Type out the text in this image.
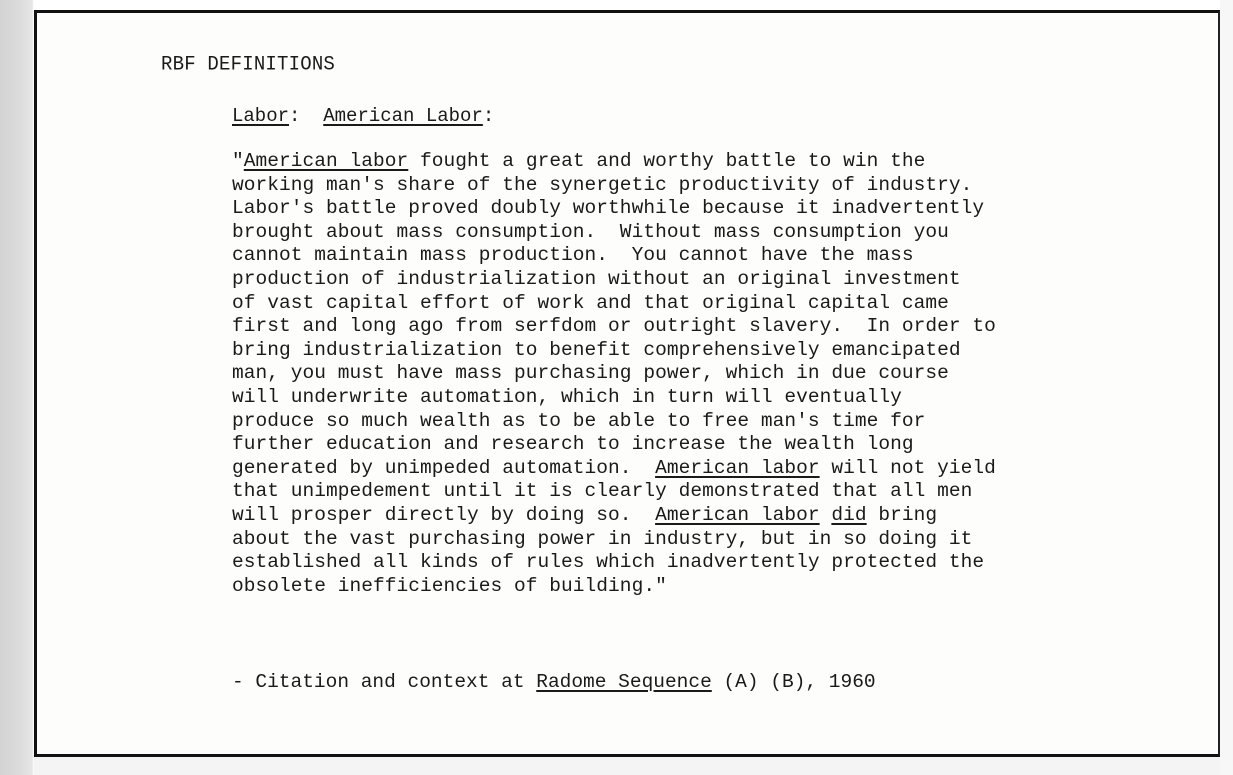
RBF DEFINITIONS
Labor:  American Labor:
"American labor fought a great and worthy battle to win the
working man's share of the synergetic productivity of industry.
Labor's battle proved doubly worthwhile because it inadvertently
brought about mass consumption.  Without mass consumption you
cannot maintain mass production.  You cannot have the mass
production of industrialization without an original investment
of vast capital effort of work and that original capital came
first and long ago from serfdom or outright slavery.  In order to
bring industrialization to benefit comprehensively emancipated
man, you must have mass purchasing power, which in due course
will underwrite automation, which in turn will eventually
produce so much wealth as to be able to free man's time for
further education and research to increase the wealth long
generated by unimpeded automation.  American labor will not yield
that unimpedement until it is clearly demonstrated that all men
will prosper directly by doing so.  American labor did bring
about the vast purchasing power in industry, but in so doing it
established all kinds of rules which inadvertently protected the
obsolete inefficiencies of building."
- Citation and context at Radome Sequence (A) (B), 1960
